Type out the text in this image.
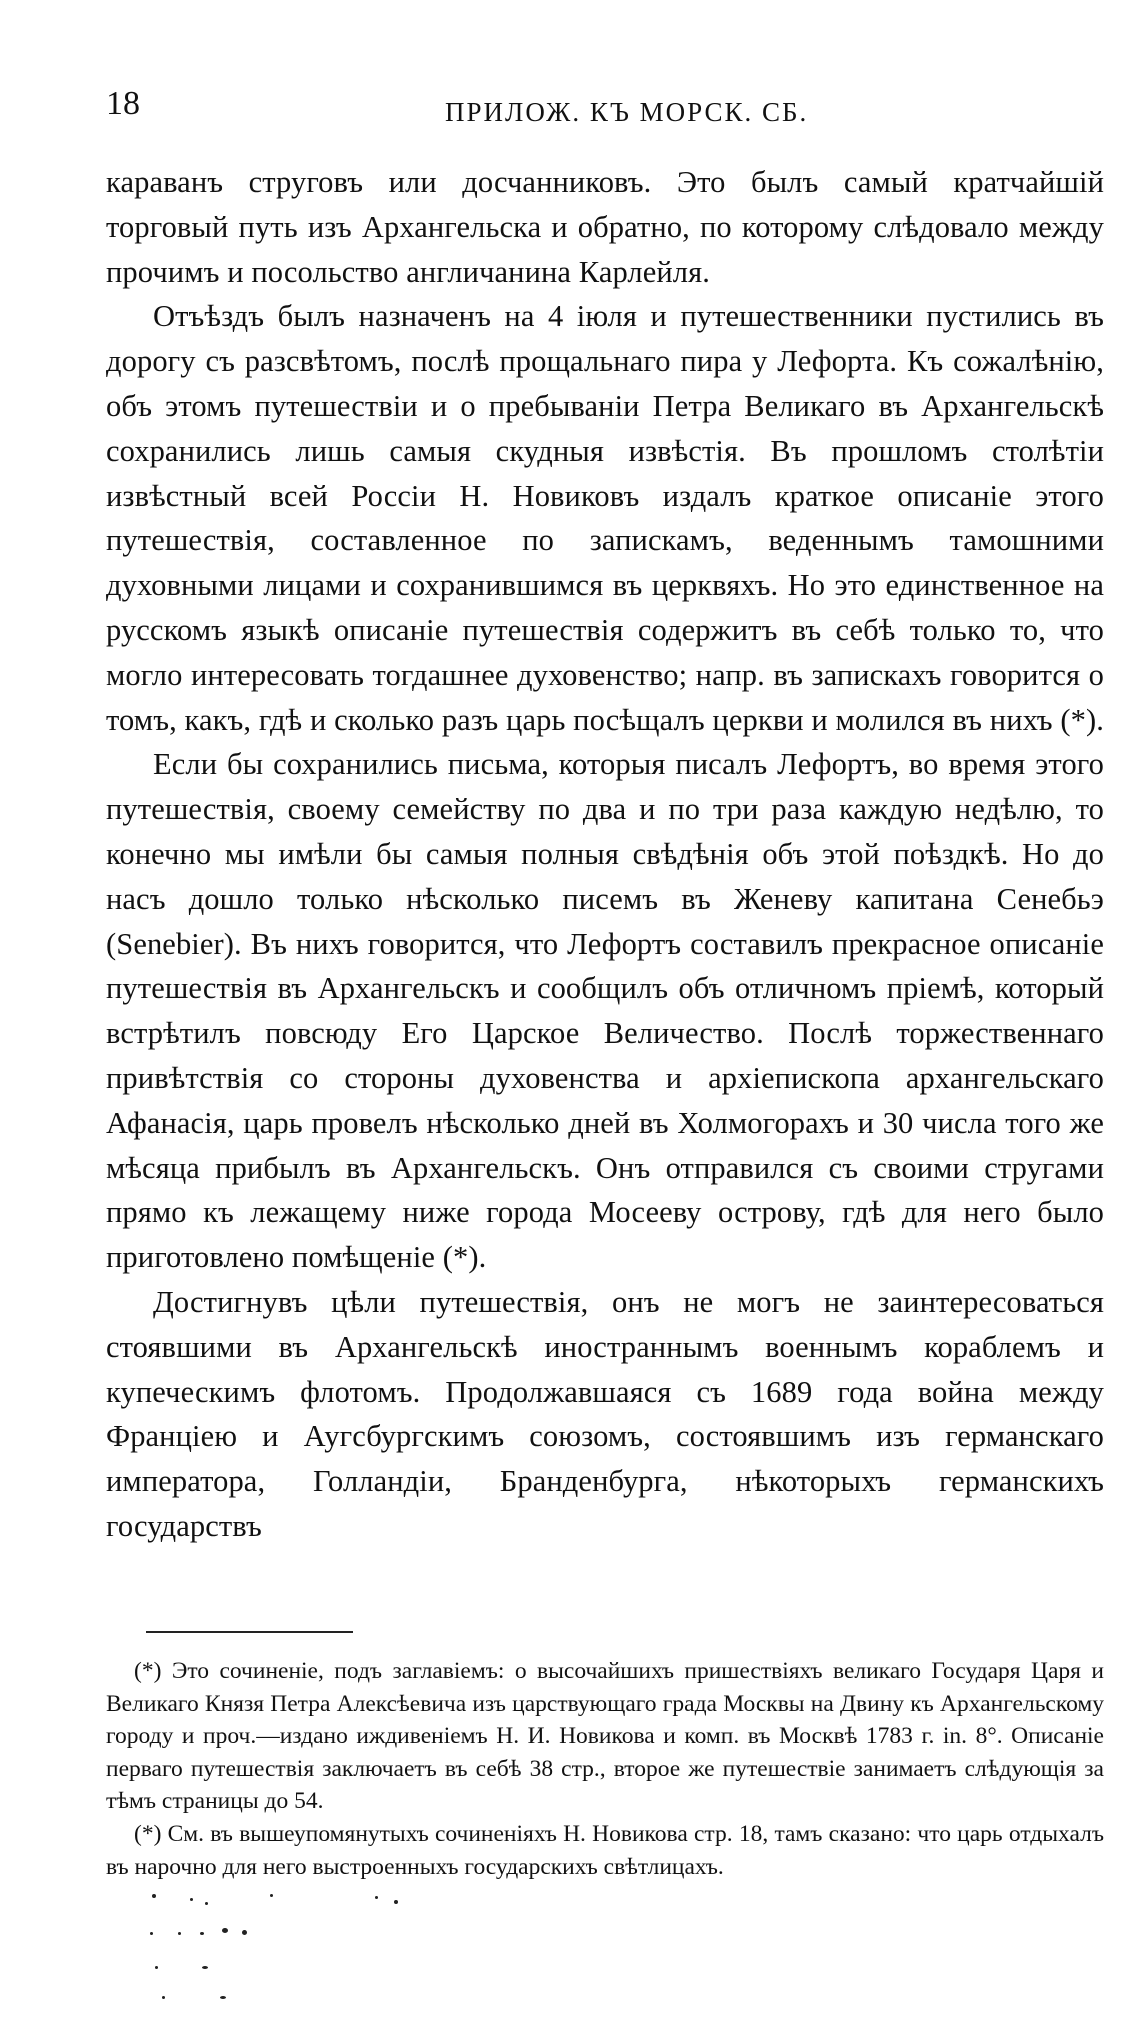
18	ПРИЛОЖ. КЪ МОРСК. СБ.

караванъ струговъ или досчанниковъ. Это былъ самый кратчайшій торговый путь изъ Архангельска и обратно, по которому слѣдовало между прочимъ и посольство англичанина Карлейля.

Отъѣздъ былъ назначенъ на 4 іюля и путешественники пустились въ дорогу съ разсвѣтомъ, послѣ прощальнаго пира у Лефорта. Къ сожалѣнію, объ этомъ путешествіи и о пребываніи Петра Великаго въ Архангельскѣ сохранились лишь самыя скудныя извѣстія. Въ прошломъ столѣтіи извѣстный всей Россіи Н. Новиковъ издалъ краткое описаніе этого путешествія, составленное по запискамъ, веденнымъ тамошними духовными лицами и сохранившимся въ церквяхъ. Но это единственное на русскомъ языкѣ описаніе путешествія содержитъ въ себѣ только то, что могло интересовать тогдашнее духовенство; напр. въ запискахъ говорится о томъ, какъ, гдѣ и сколько разъ царь посѣщалъ церкви и молился въ нихъ (*).

Если бы сохранились письма, которыя писалъ Лефортъ, во время этого путешествія, своему семейству по два и по три раза каждую недѣлю, то конечно мы имѣли бы самыя полныя свѣдѣнія объ этой поѣздкѣ. Но до насъ дошло только нѣсколько писемъ въ Женеву капитана Сенебьэ (Senebier). Въ нихъ говорится, что Лефортъ составилъ прекрасное описаніе путешествія въ Архангельскъ и сообщилъ объ отличномъ пріемѣ, который встрѣтилъ повсюду Его Царское Величество. Послѣ торжественнаго привѣтствія со стороны духовенства и архіепископа архангельскаго Афанасія, царь провелъ нѣсколько дней въ Холмогорахъ и 30 числа того же мѣсяца прибылъ въ Архангельскъ. Онъ отправился съ своими стругами прямо къ лежащему ниже города Мосееву острову, гдѣ для него было приготовлено помѣщеніе (*).

Достигнувъ цѣли путешествія, онъ не могъ не заинтересоваться стоявшими въ Архангельскѣ иностраннымъ военнымъ кораблемъ и купеческимъ флотомъ. Продолжавшаяся съ 1689 года война между Франціею и Аугсбургскимъ союзомъ, состоявшимъ изъ германскаго императора, Голландіи, Бранденбурга, нѣкоторыхъ германскихъ государствъ

(*) Это сочиненіе, подъ заглавіемъ: о высочайшихъ пришествіяхъ великаго Государя Царя и Великаго Князя Петра Алексѣевича изъ царствующаго града Москвы на Двину къ Архангельскому городу и проч.—издано иждивеніемъ Н. И. Новикова и комп. въ Москвѣ 1783 г. in. 8°. Описаніе перваго путешествія заключаетъ въ себѣ 38 стр., второе же путешествіе занимаетъ слѣдующія за тѣмъ страницы до 54.

(*) См. въ вышеупомянутыхъ сочиненіяхъ Н. Новикова стр. 18, тамъ сказано: что царь отдыхалъ въ нарочно для него выстроенныхъ государскихъ свѣтлицахъ.
